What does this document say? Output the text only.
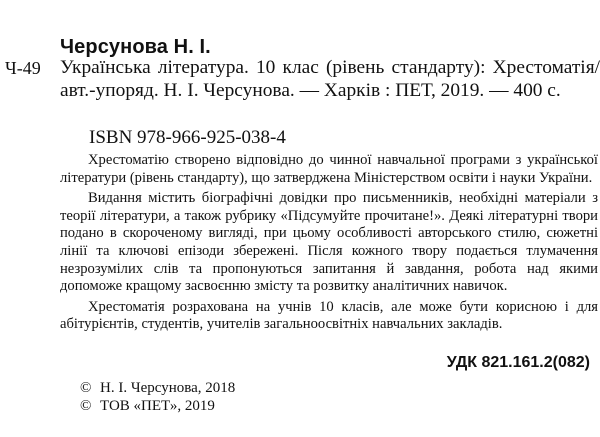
Черсунова Н. І.
Ч-49 Українська література. 10 клас (рівень стандарту): Хрестоматія/ авт.-упоряд. Н. І. Черсунова. — Харків : ПЕТ, 2019. — 400 с.
ISBN 978-966-925-038-4

Хрестоматію створено відповідно до чинної навчальної програми з української літератури (рівень стандарту), що затверджена Міністерством освіти і науки України.

Видання містить біографічні довідки про письменників, необхідні матеріали з теорії літератури, а також рубрику «Підсумуйте прочитане!». Деякі літературні твори подано в скороченому вигляді, при цьому особливості авторського стилю, сюжетні лінії та ключові епізоди збережені. Після кожного твору подається тлумачення незрозумілих слів та пропонуються запитання й завдання, робота над якими допоможе кращому засвоєнню змісту та розвитку аналітичних навичок.

Хрестоматія розрахована на учнів 10 класів, але може бути корисною і для абітурієнтів, студентів, учителів загальноосвітніх навчальних закладів.

УДК 821.161.2(082)
© Н. І. Черсунова, 2018
© ТОВ «ПЕТ», 2019
